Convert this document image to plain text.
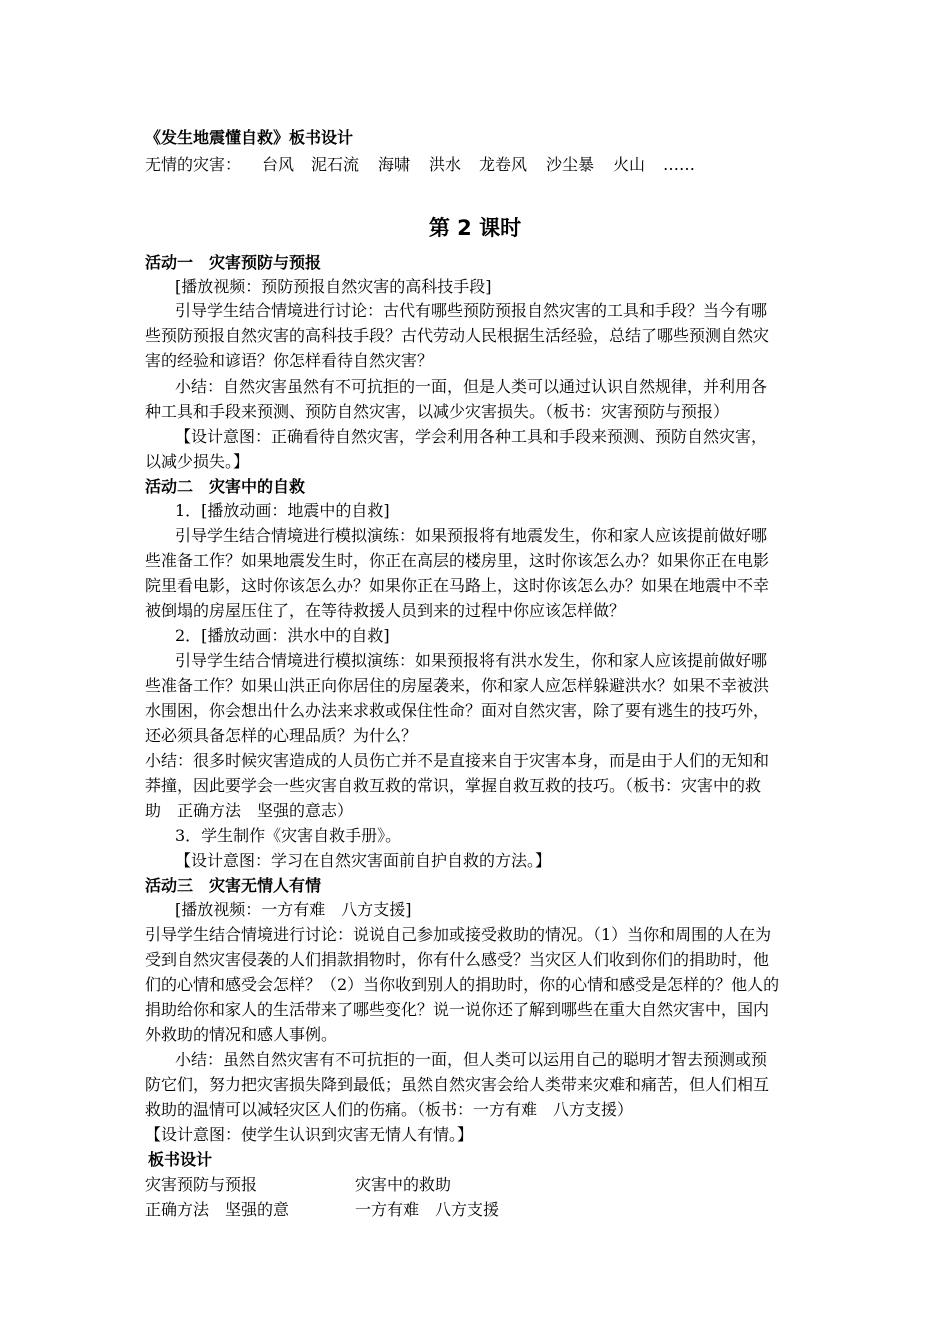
《发生地震懂自救》板书设计
无情的灾害： 台风 泥石流 海啸 洪水 龙卷风 沙尘暴 火山 ……
第 2 课时
活动一　灾害预防与预报
[播放视频：预防预报自然灾害的高科技手段]
引导学生结合情境进行讨论：古代有哪些预防预报自然灾害的工具和手段？当今有哪
些预防预报自然灾害的高科技手段？古代劳动人民根据生活经验，总结了哪些预测自然灾
害的经验和谚语？你怎样看待自然灾害？
小结：自然灾害虽然有不可抗拒的一面，但是人类可以通过认识自然规律，并利用各
种工具和手段来预测、预防自然灾害，以减少灾害损失。（板书：灾害预防与预报）
【设计意图：正确看待自然灾害，学会利用各种工具和手段来预测、预防自然灾害，
以减少损失。】
活动二　灾害中的自救
1．[播放动画：地震中的自救]
引导学生结合情境进行模拟演练：如果预报将有地震发生，你和家人应该提前做好哪
些准备工作？如果地震发生时，你正在高层的楼房里，这时你该怎么办？如果你正在电影
院里看电影，这时你该怎么办？如果你正在马路上，这时你该怎么办？如果在地震中不幸
被倒塌的房屋压住了，在等待救援人员到来的过程中你应该怎样做？
2．[播放动画：洪水中的自救]
引导学生结合情境进行模拟演练：如果预报将有洪水发生，你和家人应该提前做好哪
些准备工作？如果山洪正向你居住的房屋袭来，你和家人应怎样躲避洪水？如果不幸被洪
水围困，你会想出什么办法来求救或保住性命？面对自然灾害，除了要有逃生的技巧外，
还必须具备怎样的心理品质？为什么？
小结：很多时候灾害造成的人员伤亡并不是直接来自于灾害本身，而是由于人们的无知和
莽撞，因此要学会一些灾害自救互救的常识，掌握自救互救的技巧。（板书：灾害中的救
助　正确方法　坚强的意志）
3．学生制作《灾害自救手册》。
【设计意图：学习在自然灾害面前自护自救的方法。】
活动三　灾害无情人有情
[播放视频：一方有难　八方支援]
引导学生结合情境进行讨论：说说自己参加或接受救助的情况。（1）当你和周围的人在为
受到自然灾害侵袭的人们捐款捐物时，你有什么感受？当灾区人们收到你们的捐助时，他
们的心情和感受会怎样？（2）当你收到别人的捐助时，你的心情和感受是怎样的？他人的
捐助给你和家人的生活带来了哪些变化？说一说你还了解到哪些在重大自然灾害中，国内
外救助的情况和感人事例。
小结：虽然自然灾害有不可抗拒的一面，但人类可以运用自己的聪明才智去预测或预
防它们，努力把灾害损失降到最低；虽然自然灾害会给人类带来灾难和痛苦，但人们相互
救助的温情可以减轻灾区人们的伤痛。（板书：一方有难　八方支援）
【设计意图：使学生认识到灾害无情人有情。】
板书设计
灾害预防与预报	灾害中的救助
正确方法　坚强的意	一方有难　八方支援
